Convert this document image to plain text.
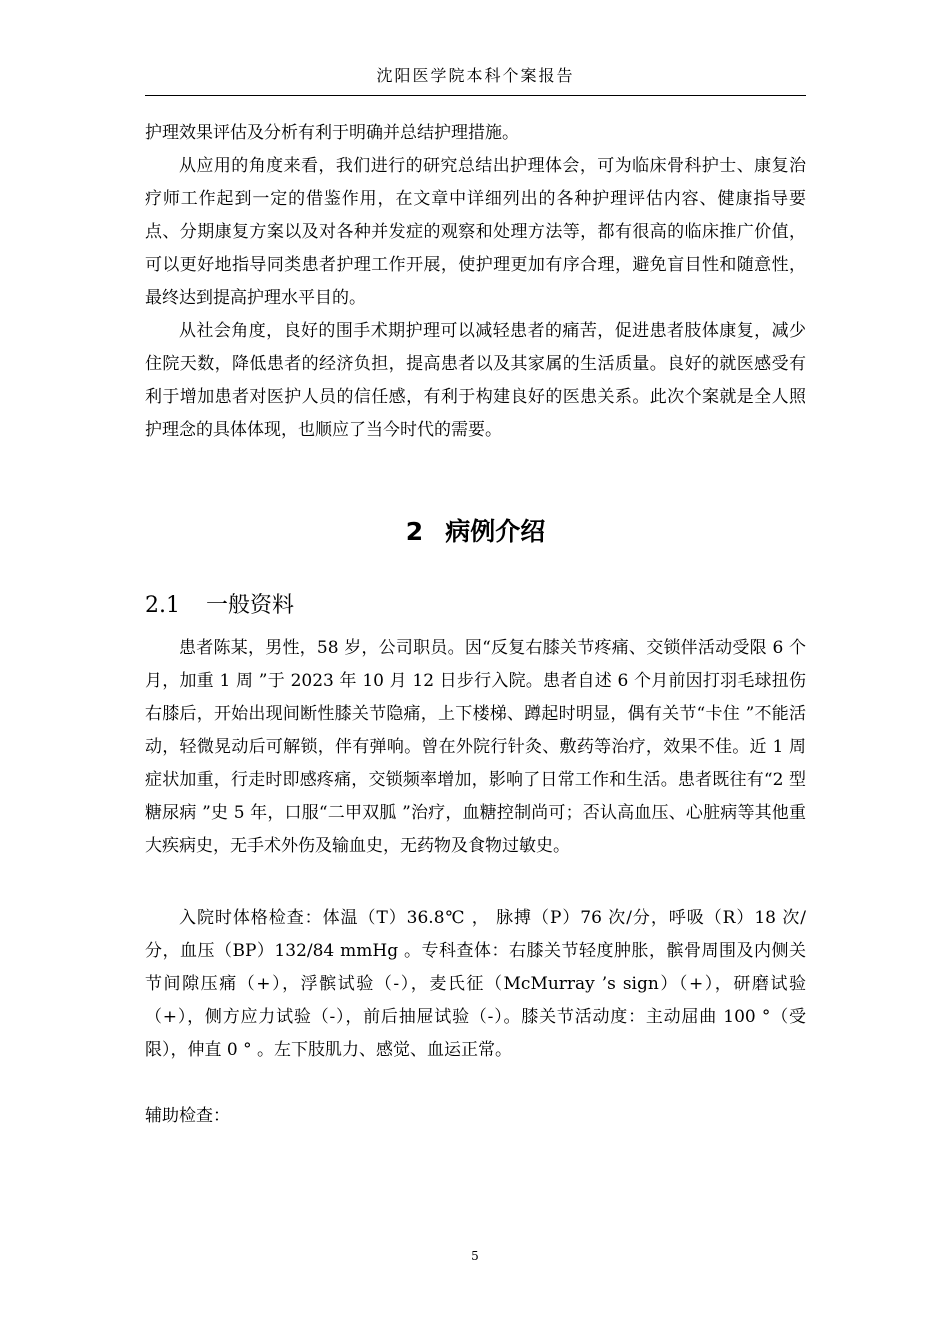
沈阳医学院本科个案报告

护理效果评估及分析有利于明确并总结护理措施。

从应用的角度来看，我们进行的研究总结出护理体会，可为临床骨科护士、康复治疗师工作起到一定的借鉴作用，在文章中详细列出的各种护理评估内容、健康指导要点、分期康复方案以及对各种并发症的观察和处理方法等，都有很高的临床推广价值，可以更好地指导同类患者护理工作开展，使护理更加有序合理，避免盲目性和随意性，最终达到提高护理水平目的。

从社会角度，良好的围手术期护理可以减轻患者的痛苦，促进患者肢体康复，减少住院天数，降低患者的经济负担，提高患者以及其家属的生活质量。良好的就医感受有利于增加患者对医护人员的信任感，有利于构建良好的医患关系。此次个案就是全人照护理念的具体体现，也顺应了当今时代的需要。

2 病例介绍
2.1 一般资料

患者陈某，男性，58 岁，公司职员。因“反复右膝关节疼痛、交锁伴活动受限 6 个月，加重 1 周 ”于 2023 年 10 月 12 日步行入院。患者自述 6 个月前因打羽毛球扭伤右膝后，开始出现间断性膝关节隐痛，上下楼梯、蹲起时明显，偶有关节“卡住 ”不能活动，轻微晃动后可解锁，伴有弹响。曾在外院行针灸、敷药等治疗，效果不佳。近 1 周症状加重，行走时即感疼痛，交锁频率增加，影响了日常工作和生活。患者既往有“2 型糖尿病 ”史 5 年，口服“二甲双胍 ”治疗，血糖控制尚可；否认高血压、心脏病等其他重大疾病史，无手术外伤及输血史，无药物及食物过敏史。

入院时体格检查：体温（T）36.8℃ ， 脉搏（P）76 次/分，呼吸（R）18 次/分，血压（BP）132/84 mmHg 。专科查体：右膝关节轻度肿胀，髌骨周围及内侧关节间隙压痛（+），浮髌试验（-），麦氏征（McMurray ’s sign）（+），研磨试验（+），侧方应力试验（-），前后抽屉试验（-）。膝关节活动度：主动屈曲 100 °（受限），伸直 0 ° 。左下肢肌力、感觉、血运正常。

辅助检查：

5
